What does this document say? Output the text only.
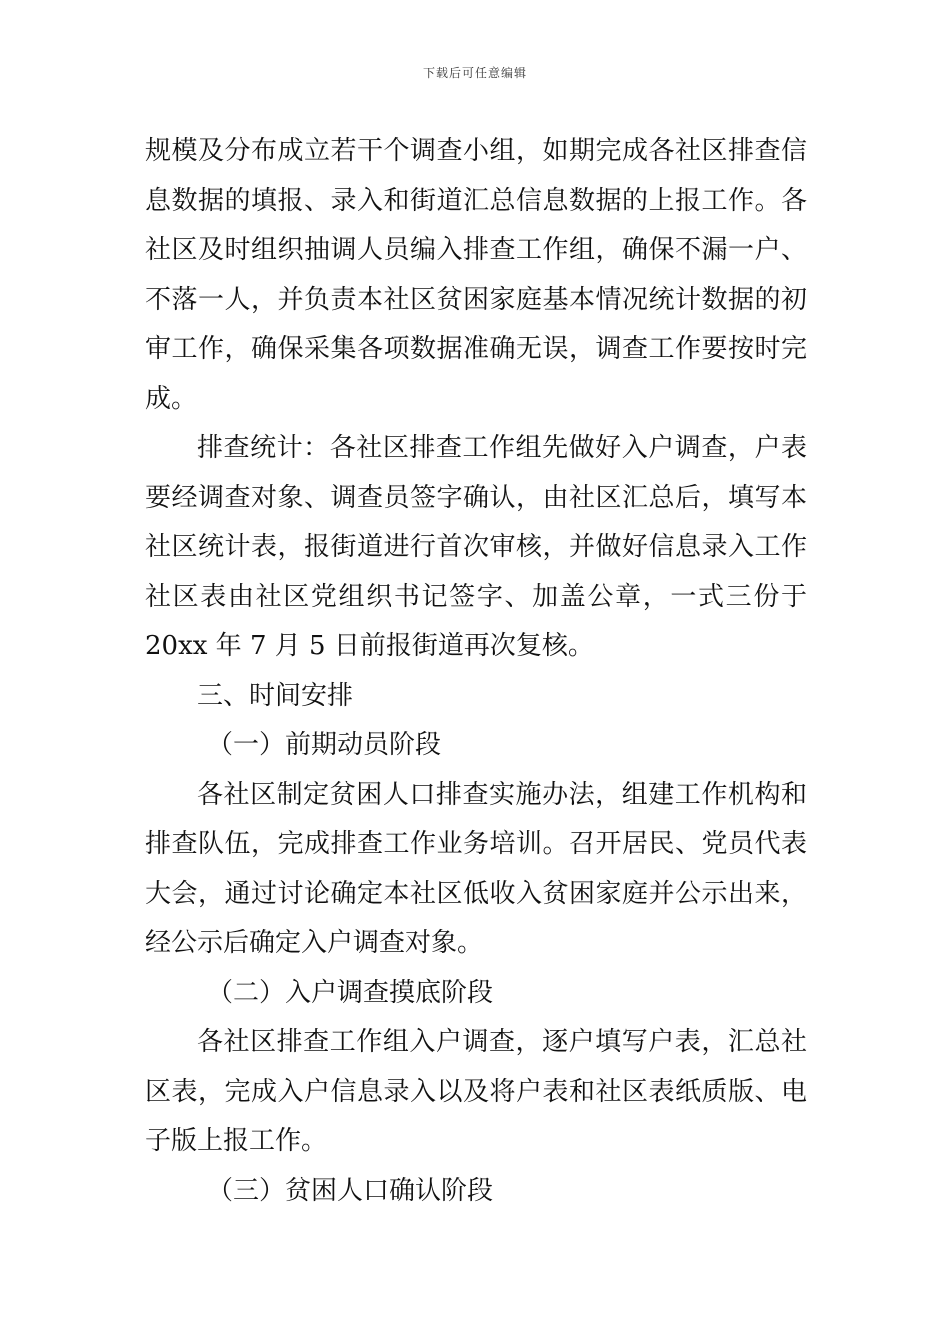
下载后可任意编辑
规模及分布成立若干个调查小组，如期完成各社区排查信
息数据的填报、录入和街道汇总信息数据的上报工作。各
社区及时组织抽调人员编入排查工作组，确保不漏一户、
不落一人，并负责本社区贫困家庭基本情况统计数据的初
审工作，确保采集各项数据准确无误，调查工作要按时完
成。
排查统计：各社区排查工作组先做好入户调查，户表
要经调查对象、调查员签字确认，由社区汇总后，填写本
社区统计表，报街道进行首次审核，并做好信息录入工作
社区表由社区党组织书记签字、加盖公章，一式三份于
20xx 年 7 月 5 日前报街道再次复核。
三、时间安排
（一）前期动员阶段
各社区制定贫困人口排查实施办法，组建工作机构和
排查队伍，完成排查工作业务培训。召开居民、党员代表
大会，通过讨论确定本社区低收入贫困家庭并公示出来，
经公示后确定入户调查对象。
（二）入户调查摸底阶段
各社区排查工作组入户调查，逐户填写户表，汇总社
区表，完成入户信息录入以及将户表和社区表纸质版、电
子版上报工作。
（三）贫困人口确认阶段
